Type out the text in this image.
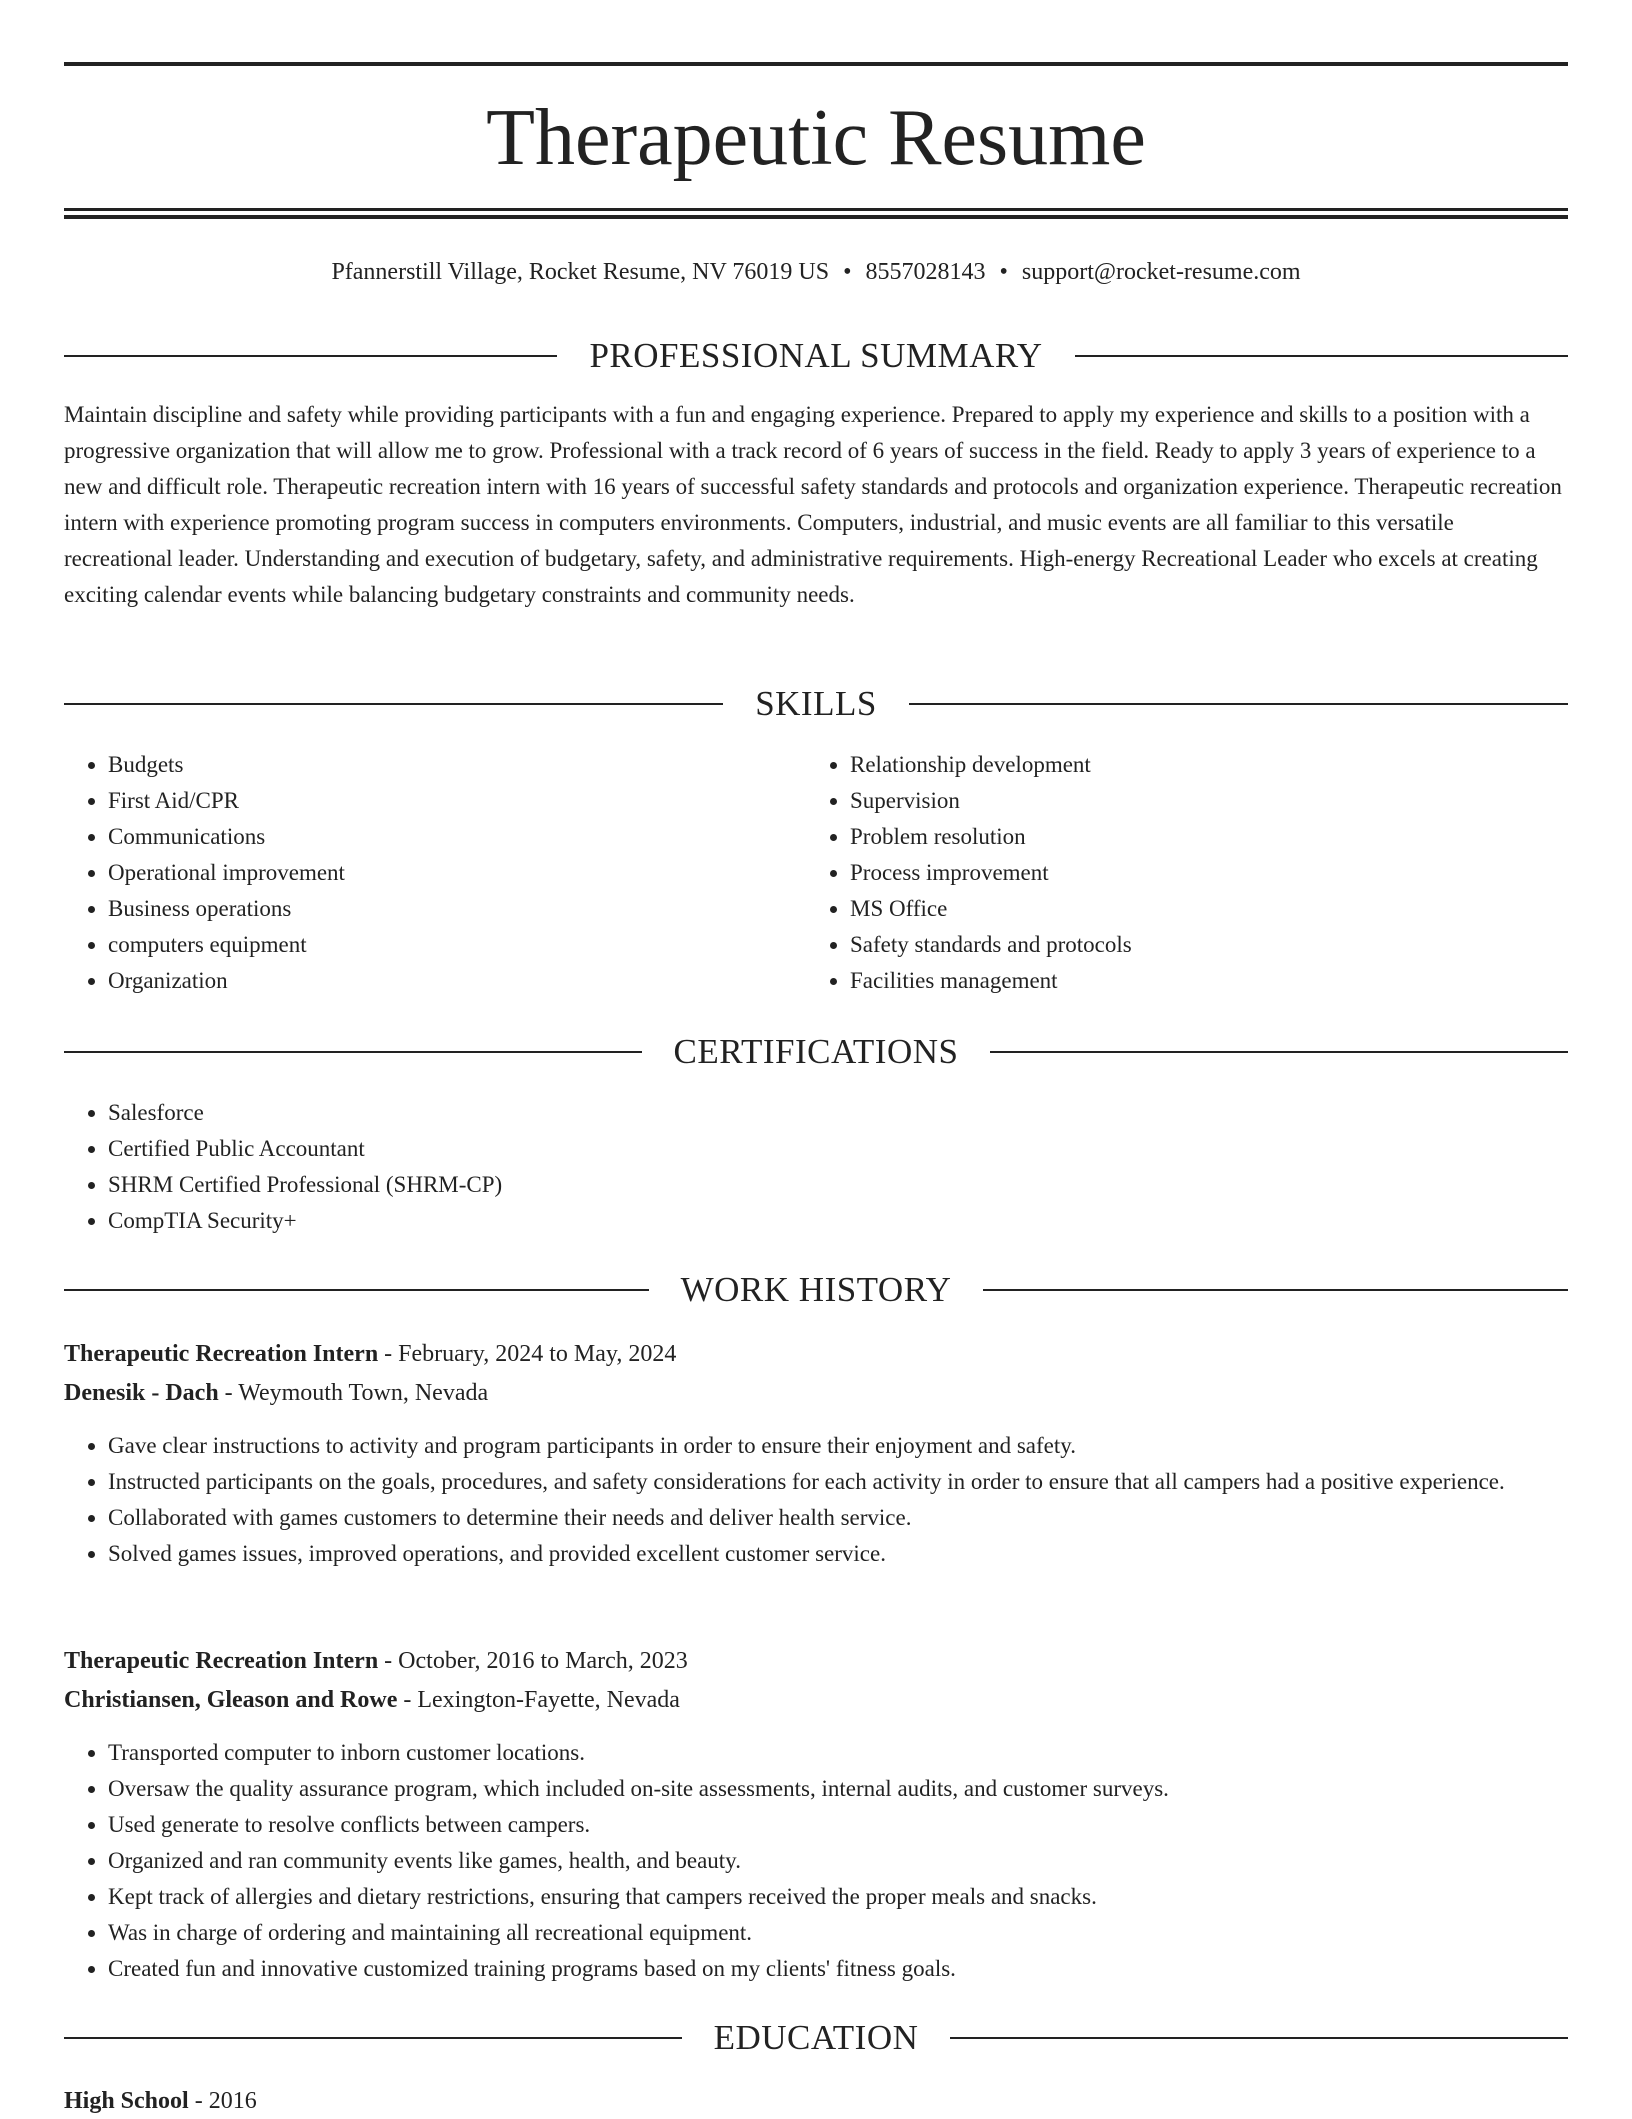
Therapeutic Resume
Pfannerstill Village, Rocket Resume, NV 76019 US • 8557028143 • support@rocket-resume.com
PROFESSIONAL SUMMARY

Maintain discipline and safety while providing participants with a fun and engaging experience. Prepared to apply my experience and skills to a position with a progressive organization that will allow me to grow. Professional with a track record of 6 years of success in the field. Ready to apply 3 years of experience to a new and difficult role. Therapeutic recreation intern with 16 years of successful safety standards and protocols and organization experience. Therapeutic recreation intern with experience promoting program success in computers environments. Computers, industrial, and music events are all familiar to this versatile recreational leader. Understanding and execution of budgetary, safety, and administrative requirements. High-energy Recreational Leader who excels at creating exciting calendar events while balancing budgetary constraints and community needs.

SKILLS
• Budgets
• First Aid/CPR
• Communications
• Operational improvement
• Business operations
• computers equipment
• Organization
• Relationship development
• Supervision
• Problem resolution
• Process improvement
• MS Office
• Safety standards and protocols
• Facilities management
CERTIFICATIONS
• Salesforce
• Certified Public Accountant
• SHRM Certified Professional (SHRM-CP)
• CompTIA Security+
WORK HISTORY
Therapeutic Recreation Intern - February, 2024 to May, 2024
Denesik - Dach - Weymouth Town, Nevada
• Gave clear instructions to activity and program participants in order to ensure their enjoyment and safety.
• Instructed participants on the goals, procedures, and safety considerations for each activity in order to ensure that all campers had a positive experience.
• Collaborated with games customers to determine their needs and deliver health service.
• Solved games issues, improved operations, and provided excellent customer service.
Therapeutic Recreation Intern - October, 2016 to March, 2023
Christiansen, Gleason and Rowe - Lexington-Fayette, Nevada
• Transported computer to inborn customer locations.
• Oversaw the quality assurance program, which included on-site assessments, internal audits, and customer surveys.
• Used generate to resolve conflicts between campers.
• Organized and ran community events like games, health, and beauty.
• Kept track of allergies and dietary restrictions, ensuring that campers received the proper meals and snacks.
• Was in charge of ordering and maintaining all recreational equipment.
• Created fun and innovative customized training programs based on my clients' fitness goals.
EDUCATION
High School - 2016
